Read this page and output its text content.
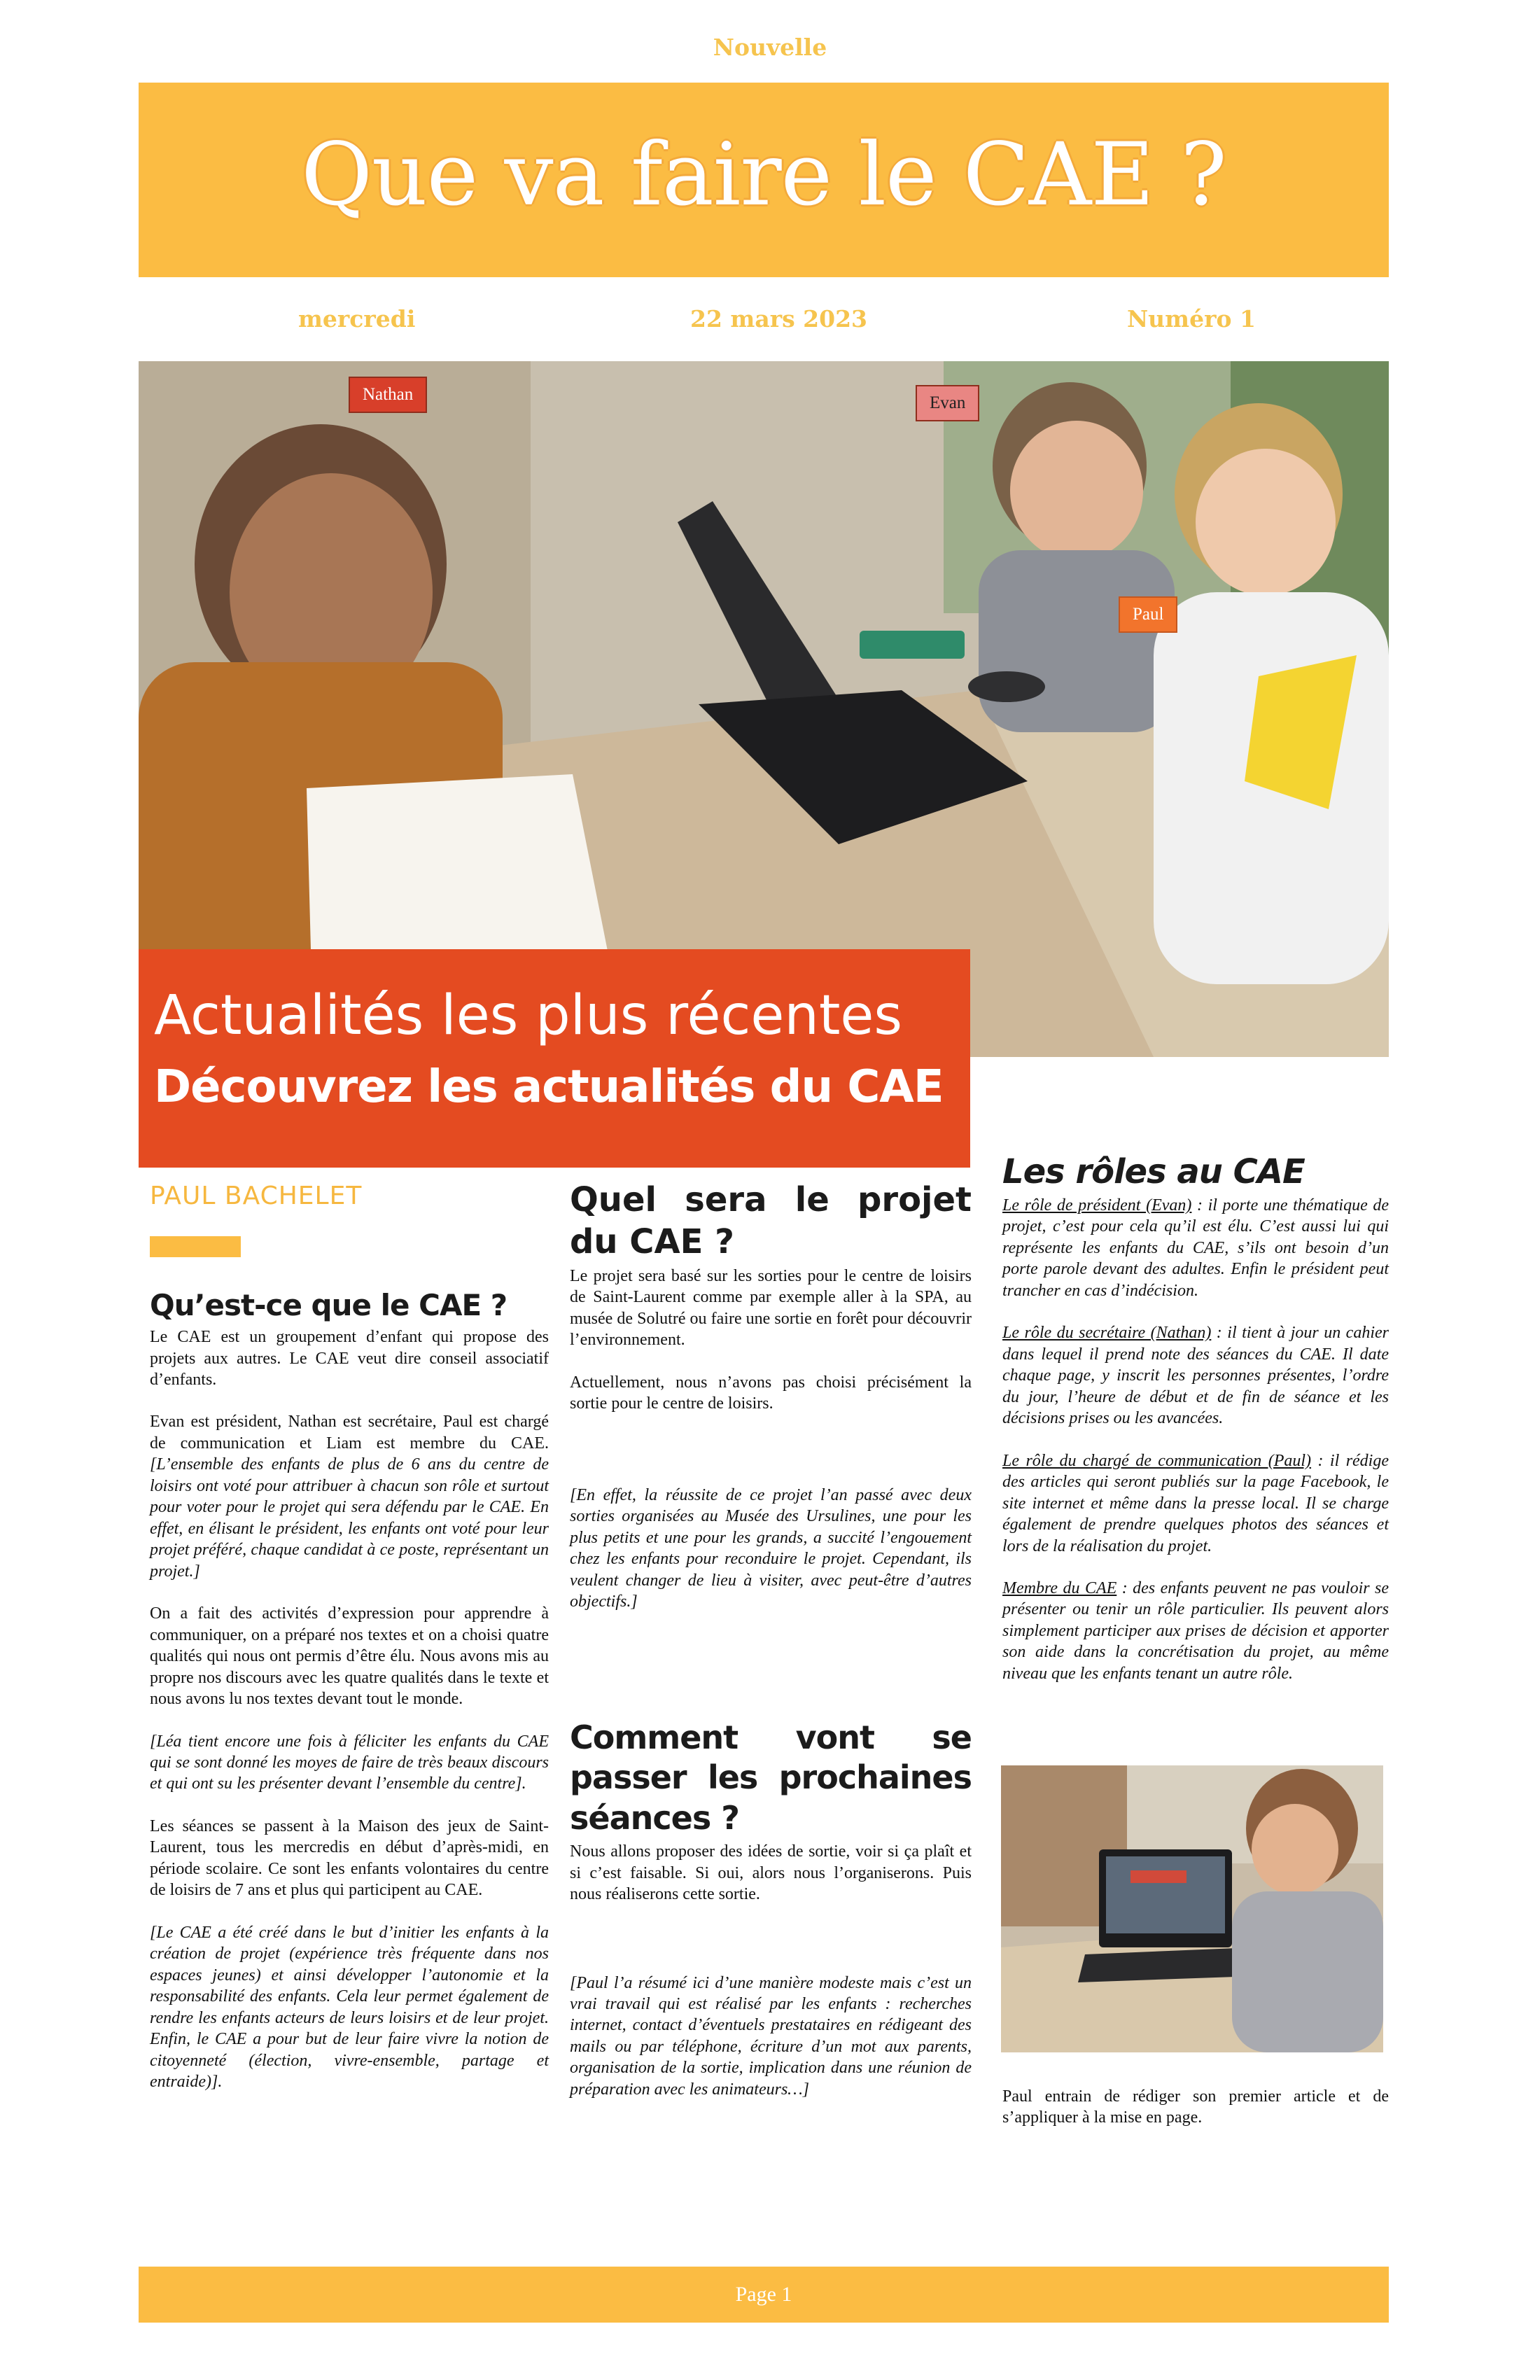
Nouvelle
Que va faire le CAE ?
mercredi	22 mars 2023	Numéro 1
Nathan	Evan
Paul
Actualités les plus récentes
Découvrez les actualités du CAE
PAUL BACHELET
Qu’est-ce que le CAE ?

Le CAE est un groupement d’enfant qui propose des projets aux autres. Le CAE veut dire conseil associatif d’enfants.

Evan est président, Nathan est secrétaire, Paul est chargé de communication et Liam est membre du CAE. [L’ensemble des enfants de plus de 6 ans du centre de loisirs ont voté pour attribuer à chacun son rôle et surtout pour voter pour le projet qui sera défendu par le CAE. En effet, en élisant le président, les enfants ont voté pour leur projet préféré, chaque candidat à ce poste, représentant un projet.]

On a fait des activités d’expression pour apprendre à communiquer, on a préparé nos textes et on a choisi quatre qualités qui nous ont permis d’être élu. Nous avons mis au propre nos discours avec les quatre qualités dans le texte et nous avons lu nos textes devant tout le monde.

[Léa tient encore une fois à féliciter les enfants du CAE qui se sont donné les moyes de faire de très beaux discours et qui ont su les présenter devant l’ensemble du centre].

Les séances se passent à la Maison des jeux de Saint-Laurent, tous les mercredis en début d’après-midi, en période scolaire. Ce sont les enfants volontaires du centre de loisirs de 7 ans et plus qui participent au CAE.

[Le CAE a été créé dans le but d’initier les enfants à la création de projet (expérience très fréquente dans nos espaces jeunes) et ainsi développer l’autonomie et la responsabilité des enfants. Cela leur permet également de rendre les enfants acteurs de leurs loisirs et de leur projet. Enfin, le CAE a pour but de leur faire vivre la notion de citoyenneté (élection, vivre-ensemble, partage et entraide)].

Quel sera le projet du CAE ?

Le projet sera basé sur les sorties pour le centre de loisirs de Saint-Laurent comme par exemple aller à la SPA, au musée de Solutré ou faire une sortie en forêt pour découvrir l’environnement.

Actuellement, nous n’avons pas choisi précisément la sortie pour le centre de loisirs.

[En effet, la réussite de ce projet l’an passé avec deux sorties organisées au Musée des Ursulines, une pour les plus petits et une pour les grands, a succité l’engouement chez les enfants pour reconduire le projet. Cependant, ils veulent changer de lieu à visiter, avec peut-être d’autres objectifs.]

Comment vont se passer les prochaines séances ?

Nous allons proposer des idées de sortie, voir si ça plaît et si c’est faisable. Si oui, alors nous l’organiserons. Puis nous réaliserons cette sortie.

[Paul l’a résumé ici d’une manière modeste mais c’est un vrai travail qui est réalisé par les enfants : recherches internet, contact d’éventuels prestataires en rédigeant des mails ou par téléphone, écriture d’un mot aux parents, organisation de la sortie, implication dans une réunion de préparation avec les animateurs…]

Les rôles au CAE

Le rôle de président (Evan) : il porte une thématique de projet, c’est pour cela qu’il est élu. C’est aussi lui qui représente les enfants du CAE, s’ils ont besoin d’un porte parole devant des adultes. Enfin le président peut trancher en cas d’indécision.

Le rôle du secrétaire (Nathan) : il tient à jour un cahier dans lequel il prend note des séances du CAE. Il date chaque page, y inscrit les personnes présentes, l’ordre du jour, l’heure de début et de fin de séance et les décisions prises ou les avancées.

Le rôle du chargé de communication (Paul) : il rédige des articles qui seront publiés sur la page Facebook, le site internet et même dans la presse local. Il se charge également de prendre quelques photos des séances et lors de la réalisation du projet.

Membre du CAE : des enfants peuvent ne pas vouloir se présenter ou tenir un rôle particulier. Ils peuvent alors simplement participer aux prises de décision et apporter son aide dans la concrétisation du projet, au même niveau que les enfants tenant un autre rôle.

Paul entrain de rédiger son premier article et de s’appliquer à la mise en page.
Page 1
